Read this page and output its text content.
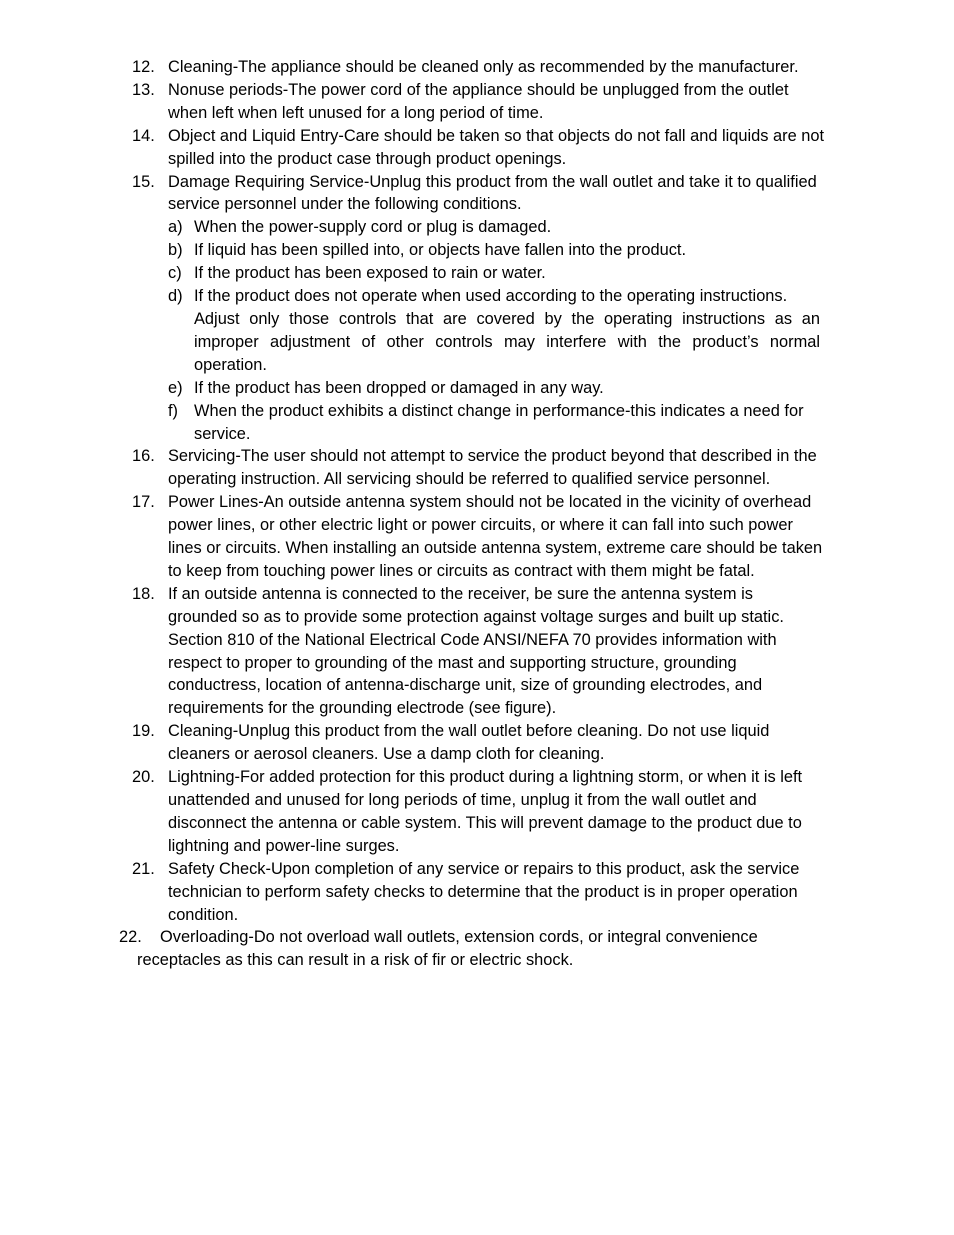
12. Cleaning-The appliance should be cleaned only as recommended by the manufacturer.
13. Nonuse periods-The power cord of the appliance should be unplugged from the outlet when left when left unused for a long period of time.
14. Object and Liquid Entry-Care should be taken so that objects do not fall and liquids are not spilled into the product case through product openings.
15. Damage Requiring Service-Unplug this product from the wall outlet and take it to qualified service personnel under the following conditions.
a) When the power-supply cord or plug is damaged.
b) If liquid has been spilled into, or objects have fallen into the product.
c) If the product has been exposed to rain or water.
d) If the product does not operate when used according to the operating instructions.

Adjust only those controls that are covered by the operating instructions as an improper adjustment of other controls may interfere with the product’s normal operation.

e) If the product has been dropped or damaged in any way.
f) When the product exhibits a distinct change in performance-this indicates a need for service.
16. Servicing-The user should not attempt to service the product beyond that described in the operating instruction. All servicing should be referred to qualified service personnel.
17. Power Lines-An outside antenna system should not be located in the vicinity of overhead power lines, or other electric light or power circuits, or where it can fall into such power lines or circuits. When installing an outside antenna system, extreme care should be taken to keep from touching power lines or circuits as contract with them might be fatal.
18. If an outside antenna is connected to the receiver, be sure the antenna system is grounded so as to provide some protection against voltage surges and built up static. Section 810 of the National Electrical Code ANSI/NEFA 70 provides information with respect to proper to grounding of the mast and supporting structure, grounding conductress, location of antenna-discharge unit, size of grounding electrodes, and requirements for the grounding electrode (see figure).
19. Cleaning-Unplug this product from the wall outlet before cleaning. Do not use liquid cleaners or aerosol cleaners. Use a damp cloth for cleaning.
20. Lightning-For added protection for this product during a lightning storm, or when it is left unattended and unused for long periods of time, unplug it from the wall outlet and disconnect the antenna or cable system. This will prevent damage to the product due to lightning and power-line surges.
21. Safety Check-Upon completion of any service or repairs to this product, ask the service technician to perform safety checks to determine that the product is in proper operation condition.

22. Overloading-Do not overload wall outlets, extension cords, or integral convenience receptacles as this can result in a risk of fir or electric shock.
